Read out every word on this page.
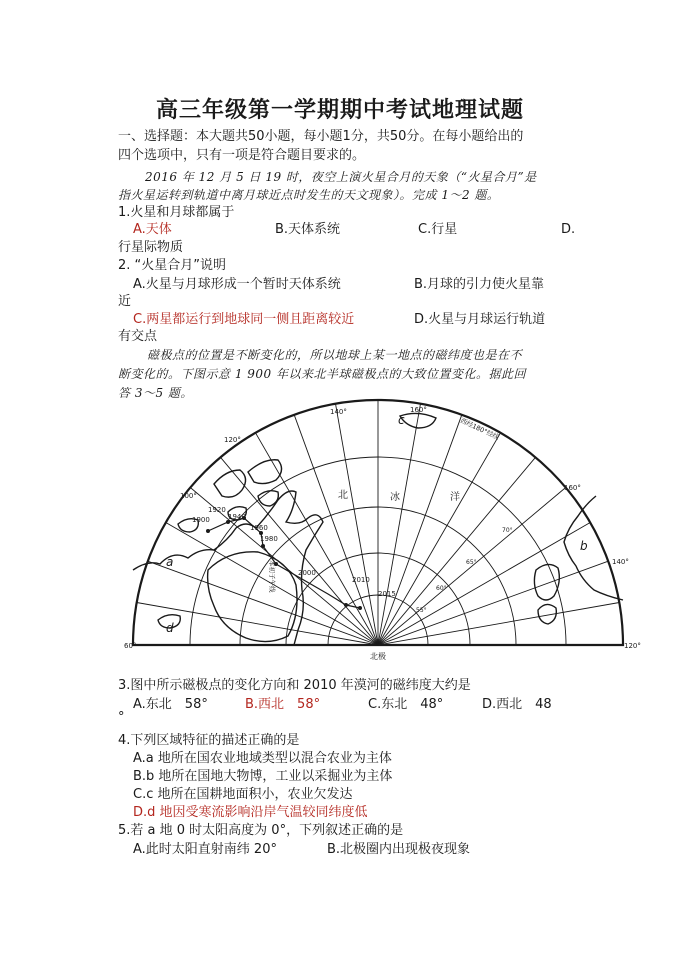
高三年级第一学期期中考试地理试题
一、选择题：本大题共50小题，每小题1分，共50分。在每小题给出的
四个选项中，只有一项是符合题目要求的。
2016 年 12 月 5 日 19 时，夜空上演火星合月的天象（“火星合月”是
指火星运转到轨道中离月球近点时发生的天文现象）。完成 1～2 题。
1.火星和月球都属于
A.天体	B.天体系统	C.行星	D.
行星际物质
2. “火星合月”说明
A.火星与月球形成一个暂时天体系统	B.月球的引力使火星靠
近
C.两星都运行到地球同一侧且距离较近	D.火星与月球运行轨道
有交点
磁极点的位置是不断变化的，所以地球上某一地点的磁纬度也是在不
断变化的。下图示意 1 900 年以来北半球磁极点的大致位置变化。据此回
答 3～5 题。
140°	160°
120°
100°
160°
140°
60°	120°
1900
1920
1940
1960
1980
2000
2010
2015
a
b
c
d
北	冰	洋
北极
西经180°经线
本初子午线
70°
65°
60°
55°
3.图中所示磁极点的变化方向和 2010 年漠河的磁纬度大约是
A.东北　58°	B.西北　58°	C.东北　48°	D.西北　48
°
4.下列区域特征的描述正确的是
A.a 地所在国农业地域类型以混合农业为主体
B.b 地所在国地大物博，工业以采掘业为主体
C.c 地所在国耕地面积小，农业欠发达
D.d 地因受寒流影响沿岸气温较同纬度低
5.若 a 地 0 时太阳高度为 0°，下列叙述正确的是
A.此时太阳直射南纬 20°	B.北极圈内出现极夜现象
